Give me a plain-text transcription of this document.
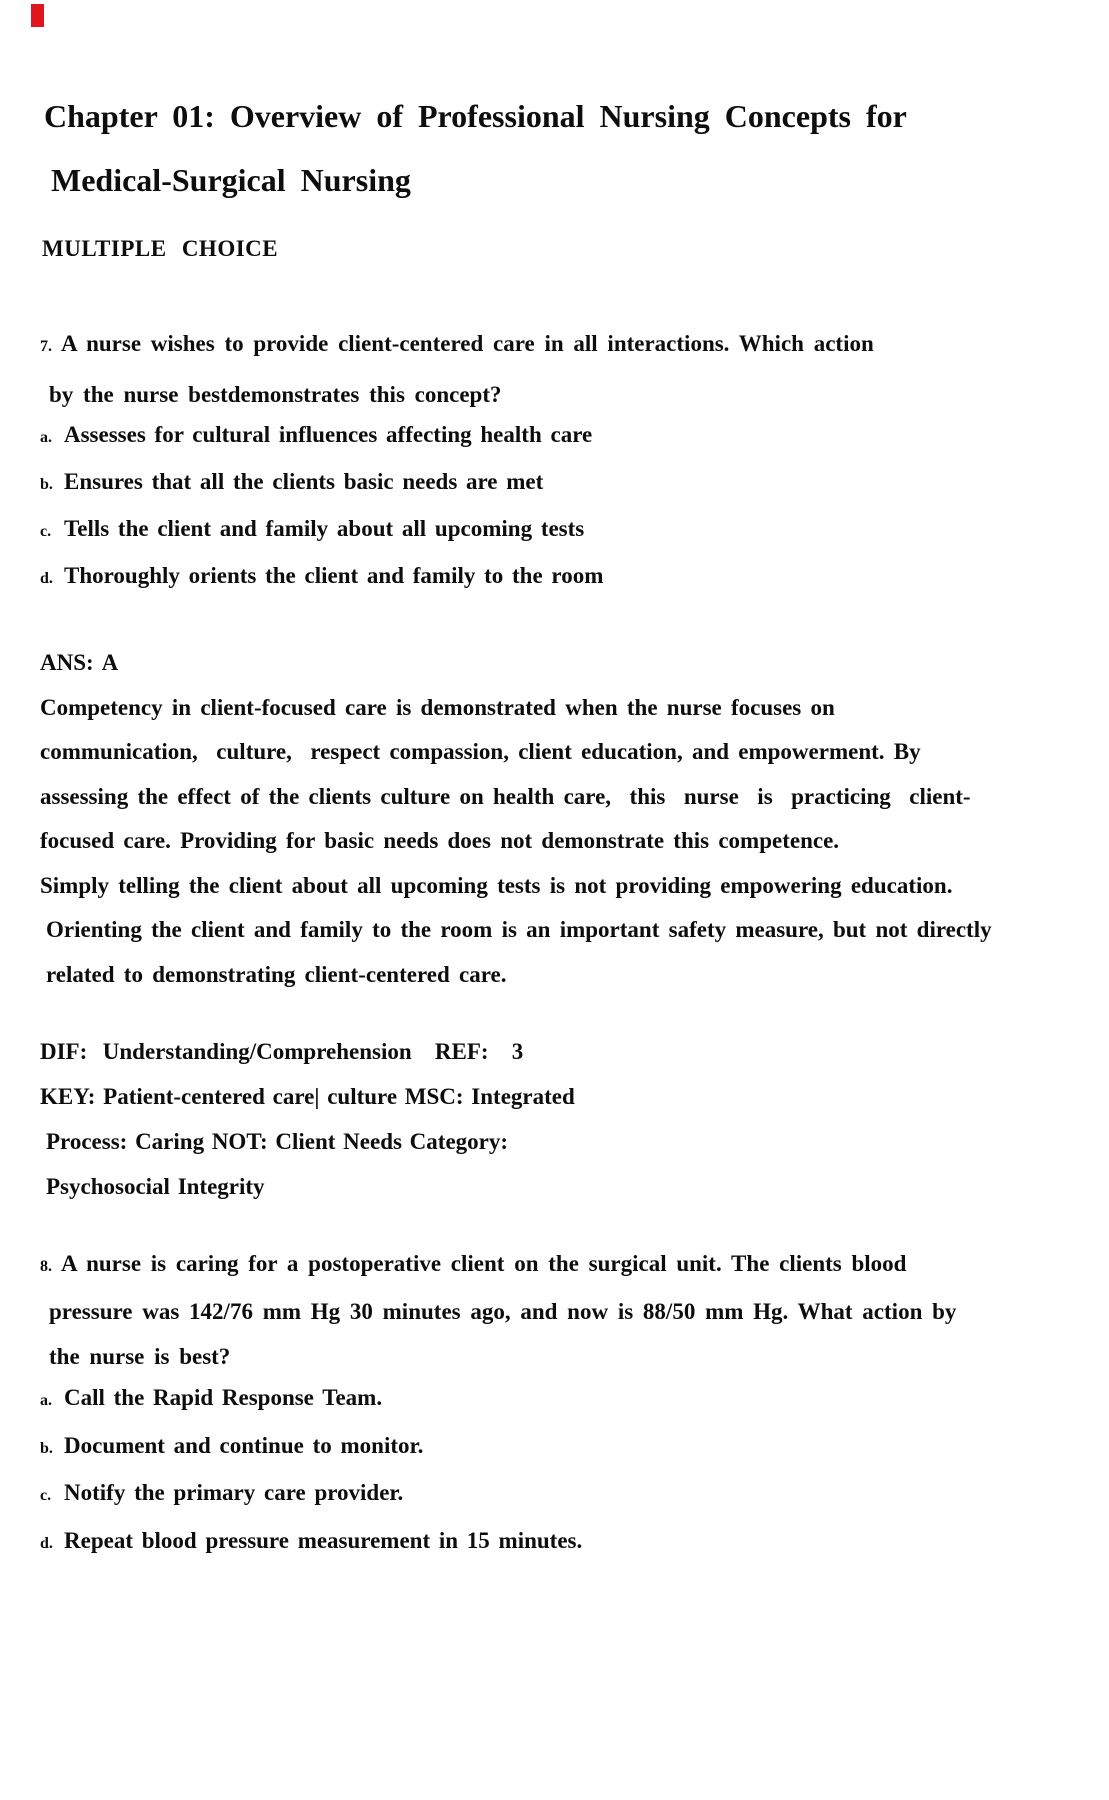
Chapter 01: Overview of Professional Nursing Concepts for
Medical-Surgical Nursing
MULTIPLE CHOICE
7. A nurse wishes to provide client-centered care in all interactions. Which action
by the nurse bestdemonstrates this concept?
a. Assesses for cultural influences affecting health care
b. Ensures that all the clients basic needs are met
c. Tells the client and family about all upcoming tests
d. Thoroughly orients the client and family to the room
ANS: A
Competency in client-focused care is demonstrated when the nurse focuses on
communication,  culture,  respect compassion, client education, and empowerment. By
assessing the effect of the clients culture on health care,  this  nurse  is  practicing  client-
focused care. Providing for basic needs does not demonstrate this competence.
Simply telling the client about all upcoming tests is not providing empowering education.
Orienting the client and family to the room is an important safety measure, but not directly
related to demonstrating client-centered care.
DIF:  Understanding/Comprehension   REF:   3
KEY: Patient-centered care| culture MSC: Integrated
Process: Caring NOT: Client Needs Category:
Psychosocial Integrity
8. A nurse is caring for a postoperative client on the surgical unit. The clients blood
pressure was 142/76 mm Hg 30 minutes ago, and now is 88/50 mm Hg. What action by
the nurse is best?
a. Call the Rapid Response Team.
b. Document and continue to monitor.
c. Notify the primary care provider.
d. Repeat blood pressure measurement in 15 minutes.
